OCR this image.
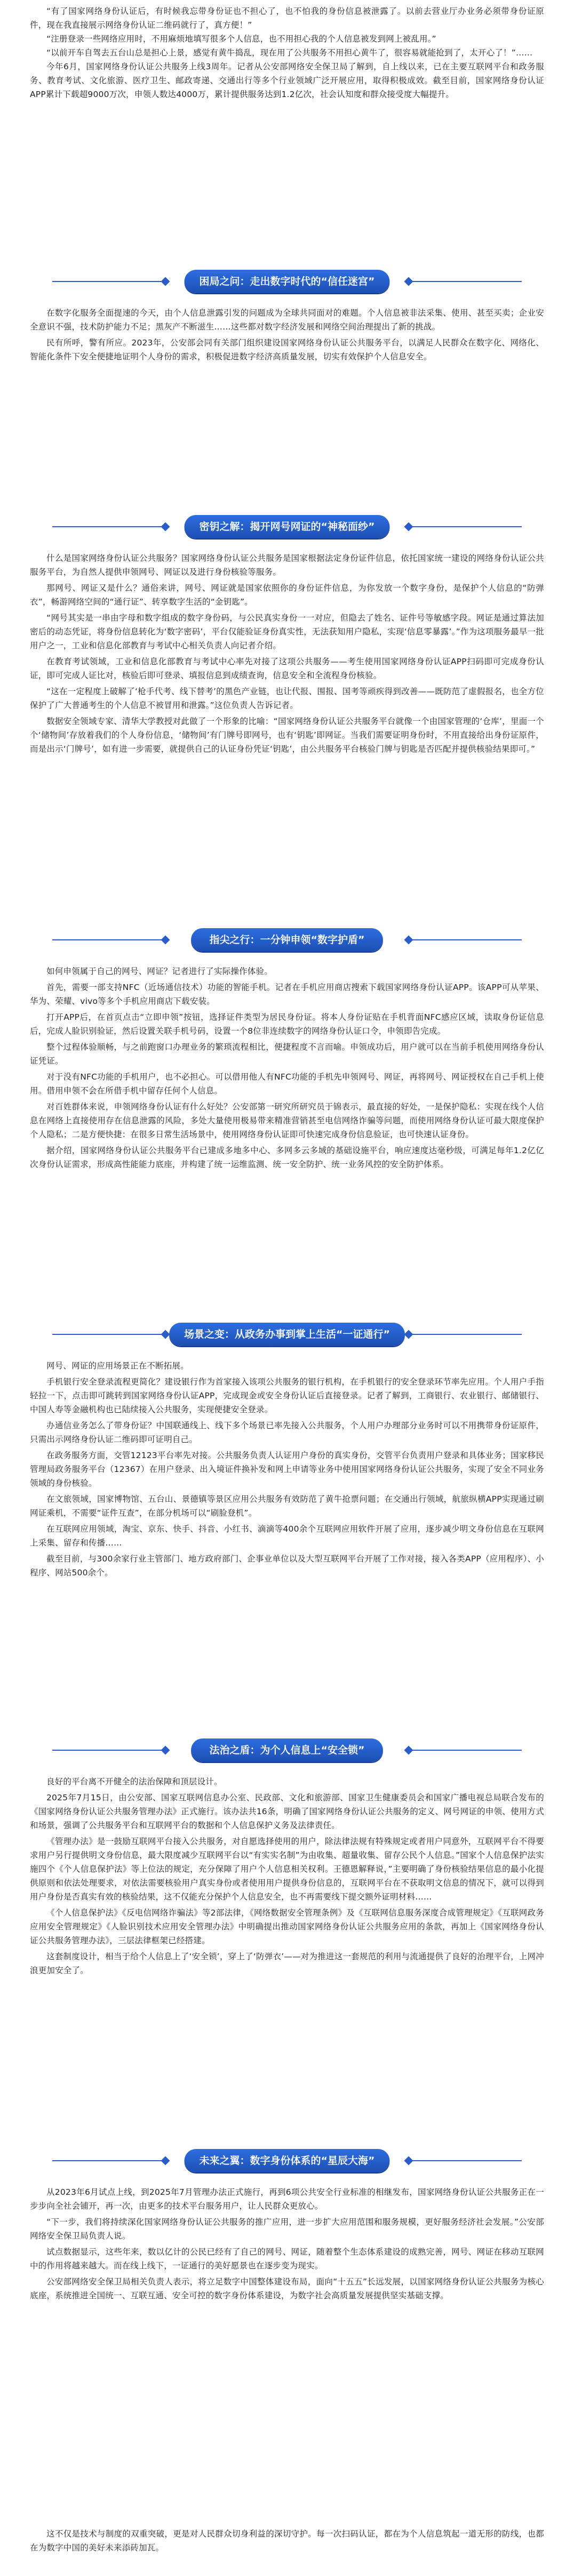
“有了国家网络身份认证后，有时候我忘带身份证也不担心了，也不怕我的身份信息被泄露了。以前去营业厅办业务必须带身份证原件，现在我直接展示网络身份认证二维码就行了，真方便！”

“注册登录一些网络应用时，不用麻烦地填写很多个人信息，也不用担心我的个人信息被发到网上被乱用。”

“以前开车自驾去五台山总是担心上景，感觉有黄牛捣乱，现在用了公共服务不用担心黄牛了，很容易就能抢到了，太开心了！”……

今年6月，国家网络身份认证公共服务上线3周年。记者从公安部网络安全保卫局了解到，自上线以来，已在主要互联网平台和政务服务、教育考试、文化旅游、医疗卫生、邮政寄递、交通出行等多个行业领域广泛开展应用，取得积极成效。截至目前，国家网络身份认证APP累计下载超9000万次，申领人数达4000万，累计提供服务达到1.2亿次，社会认知度和群众接受度大幅提升。

困局之问：走出数字时代的“信任迷宫”

在数字化服务全面提速的今天，由个人信息泄露引发的问题成为全球共同面对的难题。个人信息被非法采集、使用、甚至买卖；企业安全意识不强，技术防护能力不足；黑灰产不断滋生……这些都对数字经济发展和网络空间治理提出了新的挑战。

民有所呼，警有所应。2023年，公安部会同有关部门组织建设国家网络身份认证公共服务平台，以满足人民群众在数字化、网络化、智能化条件下安全便捷地证明个人身份的需求，积极促进数字经济高质量发展，切实有效保护个人信息安全。

密钥之解：揭开网号网证的“神秘面纱”

什么是国家网络身份认证公共服务？国家网络身份认证公共服务是国家根据法定身份证件信息，依托国家统一建设的网络身份认证公共服务平台，为自然人提供申领网号、网证以及进行身份核验等服务。

那网号、网证又是什么？通俗来讲，网号、网证就是国家依照你的身份证件信息，为你发放一个数字身份，是保护个人信息的“防弹衣”，畅游网络空间的“通行证”、转享数字生活的“金钥匙”。

“网号其实是一串由字母和数字组成的数字身份码，与公民真实身份一一对应，但隐去了姓名、证件号等敏感字段。网证是通过算法加密后的动态凭证，将身份信息转化为‘数字密码’，平台仅能验证身份真实性，无法获知用户隐私，实现‘信息零暴露’。”作为这项服务最早一批用户之一，工业和信息化部教育与考试中心相关负责人向记者介绍。

在教育考试领域，工业和信息化部教育与考试中心率先对接了这项公共服务——考生使用国家网络身份认证APP扫码即可完成身份认证，即可完成人证比对，核验后即可登录、填报信息到成绩查询，信息安全和全流程身份核验。

“这在一定程度上破解了‘枪手代考、线下替考’的黑色产业链，也让代报、围报、国考等顽疾得到改善——既防范了虚假报名，也全方位保护了广大普通考生的个人信息不被冒用和泄露。”这位负责人告诉记者。

数据安全领域专家、清华大学教授对此做了一个形象的比喻：“国家网络身份认证公共服务平台就像一个由国家管理的‘仓库’，里面一个个‘储物间’存放着我们的个人身份信息，‘储物间’有门牌号即网号，也有‘钥匙’即网证。当我们需要证明身份时，不用直接给出身份证原件，而是出示‘门牌号’，如有进一步需要，就提供自己的认证身份凭证‘钥匙’，由公共服务平台核验门牌与钥匙是否匹配并提供核验结果即可。”

指尖之行：一分钟申领“数字护盾”

如何申领属于自己的网号、网证？记者进行了实际操作体验。

首先，需要一部支持NFC（近场通信技术）功能的智能手机。记者在手机应用商店搜索下载国家网络身份认证APP。该APP可从苹果、华为、荣耀、vivo等多个手机应用商店下载安装。

打开APP后，在首页点击“立即申领”按钮，选择证件类型为居民身份证。将本人身份证贴在手机背面NFC感应区域，读取身份证信息后，完成人脸识别验证，然后设置关联手机号码，设置一个8位非连续数字的网络身份认证口令，申领即告完成。

整个过程体验顺畅，与之前跑窗口办理业务的繁琐流程相比，便捷程度不言而喻。申领成功后，用户就可以在当前手机使用网络身份认证凭证。

对于没有NFC功能的手机用户，也不必担心。可以借用他人有NFC功能的手机先申领网号、网证，再将网号、网证授权在自己手机上使用。借用申领不会在所借手机中留存任何个人信息。

对百姓群体来说，申领网络身份认证有什么好处？公安部第一研究所研究员于锦表示，最直接的好处，一是保护隐私：实现在线个人信息在网络上直接使用存在信息泄露的风险，多处大量使用极易带来精准营销甚至电信网络诈骗等问题，而使用网络身份认证可最大限度保护个人隐私；二是方便快捷：在很多日常生活场景中，使用网络身份认证即可快速完成身份信息验证，也可快速认证身份。

据介绍，国家网络身份认证公共服务平台已建成多地多中心、多网多云多域的基础设施平台，响应速度达毫秒级，可满足每年1.2亿亿次身份认证需求，形成高性能能力底座，并构建了统一运维监测、统一安全防护、统一业务风控的安全防护体系。

场景之变：从政务办事到掌上生活“一证通行”

网号、网证的应用场景正在不断拓展。

手机银行安全登录流程更简化？建设银行作为首家接入该项公共服务的银行机构，在手机银行的安全登录环节率先应用。个人用户手指轻拉一下，点击即可跳转到国家网络身份认证APP，完成现金或安全身份认证后直接登录。记者了解到，工商银行、农业银行、邮储银行、中国人寿等金融机构也已陆续接入公共服务，实现便捷安全登录。

办通信业务怎么了带身份证？中国联通线上、线下多个场景已率先接入公共服务，个人用户办理部分业务时可以不用携带身份证原件，只需出示网络身份认证二维码即可证明自己。

在政务服务方面，交管12123平台率先对接。公共服务负责人认证用户身份的真实身份，交管平台负责用户登录和具体业务；国家移民管理局政务服务平台（12367）在用户登录、出入境证件换补发和网上申请等业务中使用国家网络身份认证公共服务，实现了安全不同业务领域的身份核验。

在文旅领域，国家博物馆、五台山、景德镇等景区应用公共服务有效防范了黄牛抢票问题；在交通出行领域，航旅纵横APP实现通过刷网证乘机，不需要“证件互查”，在部分机场可以“刷脸登机”。

在互联网应用领域，淘宝、京东、快手、抖音、小红书、滴滴等400余个互联网应用软件开展了应用，逐步减少明文身份信息在互联网上采集、留存和传播……

截至目前，与300余家行业主管部门、地方政府部门、企事业单位以及大型互联网平台开展了工作对接，接入各类APP（应用程序）、小程序、网站500余个。

法治之盾：为个人信息上“安全锁”

良好的平台离不开健全的法治保障和顶层设计。

2025年7月15日，由公安部、国家互联网信息办公室、民政部、文化和旅游部、国家卫生健康委员会和国家广播电视总局联合发布的《国家网络身份认证公共服务管理办法》正式施行。该办法共16条，明确了国家网络身份认证公共服务的定义、网号网证的申领、使用方式和场景，强调了公共服务平台和互联网平台的数据和个人信息保护义务及法律责任。

《管理办法》是一鼓励互联网平台接入公共服务，对自愿选择使用的用户，除法律法规有特殊规定或者用户同意外，互联网平台不得要求用户另行提供明文身份信息，最大限度减少互联网平台以“有实实名制”为由收集、超量收集、留存公民个人信息。”国家个人信息保护法实施四个《个人信息保护法》等上位法的规定，充分保障了用户个人信息相关权利。王德恩解释说，”主要明确了身份核验结果信息的最小化提供原则和依法处理要求，对依法需要核验用户真实身份或者使用用户提供身份信息的，互联网平台在不获取明文信息的情况下，就可以得到用户身份是否真实有效的核验结果，这不仅能充分保护个人信息安全，也不再需要线下提交额外证明材料……

《个人信息保护法》《反电信网络诈骗法》等2部法律，《网络数据安全管理条例》及《互联网信息服务深度合成管理规定》《互联网政务应用安全管理规定》《人脸识别技术应用安全管理办法》中明确提出推动国家网络身份认证公共服务应用的条款，再加上《国家网络身份认证公共服务管理办法》，三层法律框架已经搭建。

这套制度设计，相当于给个人信息上了‘安全锁’，穿上了‘防弹衣’——对为推进这一套规范的利用与流通提供了良好的治理平台，上网冲浪更加安全了。

未来之翼：数字身份体系的“星辰大海”

从2023年6月试点上线，到2025年7月管理办法正式施行，再到6项公共安全行业标准的相继发布，国家网络身份认证公共服务正在一步步向全社会铺开，再一次，由更多的技术平台服务用户，让人民群众更放心。

“下一步，我们将持续深化国家网络身份认证公共服务的推广应用，进一步扩大应用范围和服务规模，更好服务经济社会发展。”公安部网络安全保卫局负责人说。

试点数据显示，这些年来，数以亿计的公民已经有了自己的网号、网证，随着整个生态体系建设的成熟完善，网号、网证在移动互联网中的作用将越来越大。而在线上线下，一证通行的美好愿景也在逐步变为现实。

公安部网络安全保卫局相关负责人表示，将立足数字中国整体建设布局，面向“十五五”长远发展，以国家网络身份认证公共服务为核心底座，系统推进全国统一、互联互通、安全可控的数字身份体系建设，为数字社会高质量发展提供坚实基础支撑。

这不仅是技术与制度的双重突破，更是对人民群众切身利益的深切守护。每一次扫码认证，都在为个人信息筑起一道无形的防线，也都在为数字中国的美好未来添砖加瓦。
